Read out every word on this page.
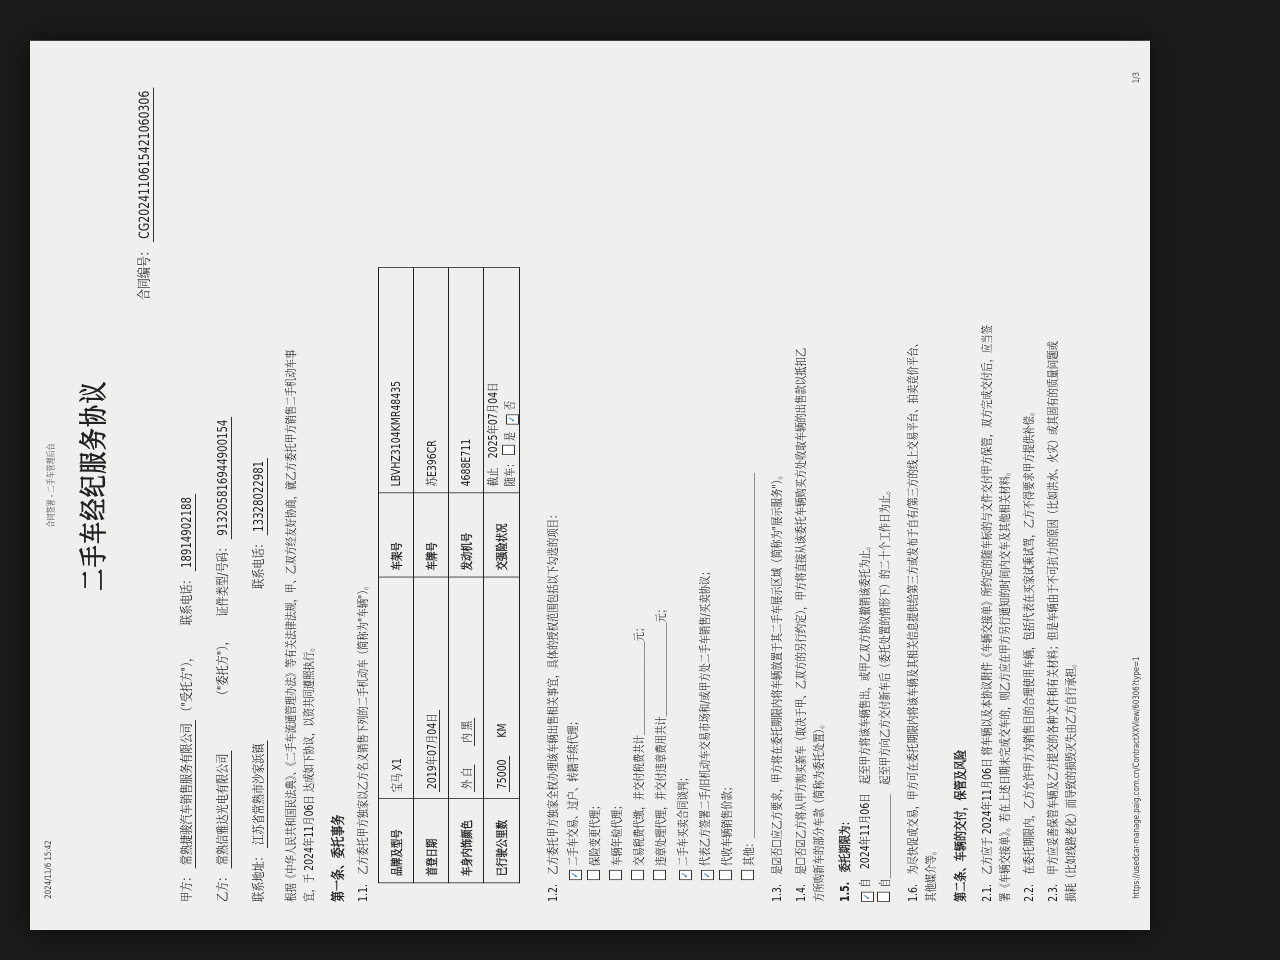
2024/11/6 15:42
合同签署 - 二手车管理后台 二手车经纪服务协议
合同编号： CG2024110615421060306
甲方： 常熟捷骏汽车销售服务有限公司 （"受托方"）， 联系电话： 18914902188
乙方： 常熟信雅达光电有限公司 （"委托方"）， 证件类型/号码： 913205816944900154
联系地址： 江苏省常熟市沙家浜镇 联系电话： 13328022981 根据《中华人民共和国民法典》、《二手车流通管理办法》等有关法律法规，甲、乙双方经友好协商，就乙方委托甲方销售二手机动车事 宜，于 2024年11月06日 达成如下协议，以资共同遵照执行。 第一条、委托事务 1.1.　乙方委托甲方独家以乙方名义销售下列的二手机动车（简称为"车辆"）。 品牌及型号	宝马 X1	车架号	LBVHZ3104KMR48435
首登日期	2019年07月04日	车牌号	苏E396CR
车身内饰颜色	外 白 内 黑	发动机号	4688E711
已行驶公里数	75000 KM	交强险状况	截止　2025年07月04日 随车： 是 ✓否
1.2.　乙方委托甲方独家全权办理该车辆出售相关事宜，具体的授权范围包括以下勾选的项目：	✓二手车交易、过户、转籍手续代理； 保险变更代理； 车辆年检代理； 交易税费代缴，并交付税费共计＿＿＿＿＿＿＿＿＿＿元； 违章处理代理，并交付违章费用共计＿＿＿＿＿＿＿＿＿＿元；
✓二手车买卖合同谈判；
✓代表乙方签署二手/旧机动车交易市场和/或甲方处二手车销售/买卖协议； 代收车辆销售价款； 其他：＿＿＿＿＿＿＿＿＿＿＿＿＿＿＿＿＿＿＿＿＿＿＿＿＿＿＿＿＿＿＿＿＿＿＿＿＿＿＿	1.3.　是☑否☐应乙方要求，甲方将在委托期限内将车辆放置于其二手车展示区域（简称为"展示服务"）。 1.4.　是☐否☑乙方将从甲方购买新车（取决于甲、乙双方的另行约定），甲方将直接从该委托车辆购买方处收取车辆的出售款以抵扣乙 方所购新车的部分车款（简称为委托处置）。 1.5.　委托期限为：	✓自　2024年11月06日　起至甲方将该车辆售出，或甲乙双方协议撤销该委托为止。 自＿＿＿＿＿＿＿＿＿　起至甲方向乙方交付新车后（委托处置的情形下）的二十个工作日为止。 1.6.　为尽快促成交易，甲方可在委托期限内将该车辆及其相关信息提供给第三方或发布于自有/第三方的线上交易平台、拍卖竞价平台、 其他媒介等。	第二条、车辆的交付，保管及风险 2.1.　乙方应于 2024年11月06日 将车辆以及本协议附件《车辆交接单》所约定的随车标的与文件交付甲方保管，双方完成交付后，应当签 署《车辆交接单》。若在上述日期未完成交车的，则乙方应在甲方另行通知的时间内交车及其他相关材料。 2.2.　在委托期限内，乙方允许甲方为销售目的合理使用车辆，包括代表在买家试乘试驾，乙方不得要求甲方提供补偿。 2.3.　甲方应妥善保管车辆及乙方提交的各种文件和有关材料；但是车辆由于不可抗力的原因（比如洪水、火灾）或其固有的质量问题或 损耗（比如线路老化）而导致的损毁灭失由乙方自行承担。	https://usedcar-manage.paig.com.cn/ContractXXView/60306?type=1
1/3
